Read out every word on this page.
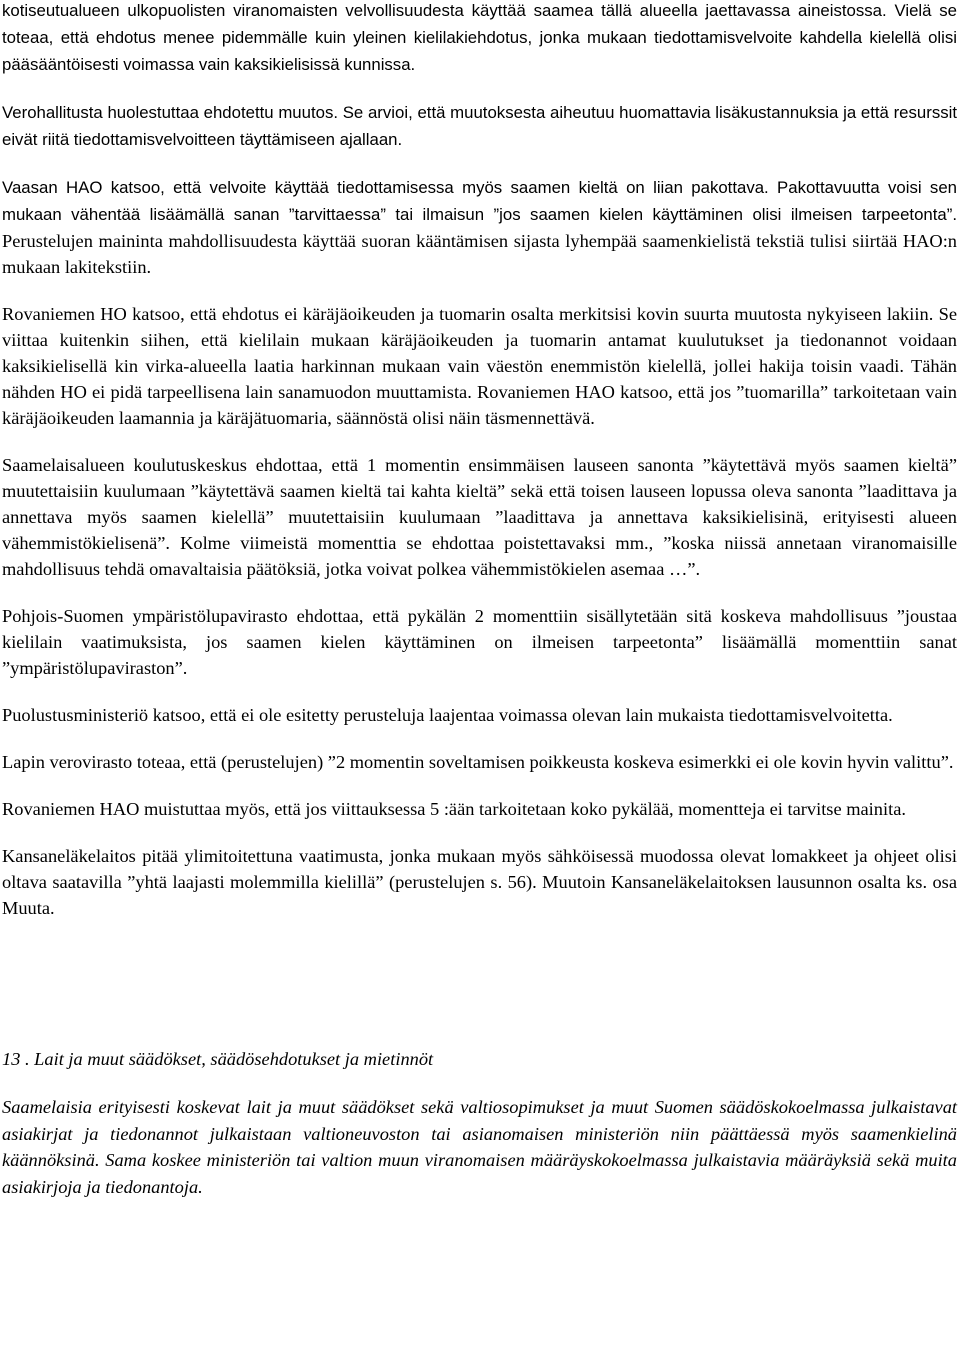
kotiseutualueen ulkopuolisten viranomaisten velvollisuudesta käyttää saamea tällä alueella jaettavassa aineistossa. Vielä se toteaa, että ehdotus menee pidemmälle kuin yleinen kielilakiehdotus, jonka mukaan tiedottamisvelvoite kahdella kielellä olisi pääsääntöisesti voimassa vain kaksikielisissä kunnissa.

Verohallitusta huolestuttaa ehdotettu muutos. Se arvioi, että muutoksesta aiheutuu huomattavia lisäkustannuksia ja että resurssit eivät riitä tiedottamisvelvoitteen täyttämiseen ajallaan.

Vaasan HAO katsoo, että velvoite käyttää tiedottamisessa myös saamen kieltä on liian pakottava. Pakottavuutta voisi sen mukaan vähentää lisäämällä sanan ”tarvittaessa” tai ilmaisun ”jos saamen kielen käyttäminen olisi ilmeisen tarpeetonta”. Perustelujen maininta mahdollisuudesta käyttää suoran kääntämisen sijasta lyhempää saamenkielistä tekstiä tulisi siirtää HAO:n mukaan lakitekstiin.

Rovaniemen HO katsoo, että ehdotus ei käräjäoikeuden ja tuomarin osalta merkitsisi kovin suurta muutosta nykyiseen lakiin. Se viittaa kuitenkin siihen, että kielilain mukaan käräjäoikeuden ja tuomarin antamat kuulutukset ja tiedonannot voidaan kaksikielisellä kin virka-alueella laatia harkinnan mukaan vain väestön enemmistön kielellä, jollei hakija toisin vaadi. Tähän nähden HO ei pidä tarpeellisena lain sanamuodon muuttamista. Rovaniemen HAO katsoo, että jos ”tuomarilla” tarkoitetaan vain käräjäoikeuden laamannia ja käräjätuomaria, säännöstä olisi näin täsmennettävä.

Saamelaisalueen koulutuskeskus ehdottaa, että 1 momentin ensimmäisen lauseen sanonta ”käytettävä myös saamen kieltä” muutettaisiin kuulumaan ”käytettävä saamen kieltä tai kahta kieltä” sekä että toisen lauseen lopussa oleva sanonta ”laadittava ja annettava myös saamen kielellä” muutettaisiin kuulumaan ”laadittava ja annettava kaksikielisinä, erityisesti alueen vähemmistökielisenä”. Kolme viimeistä momenttia se ehdottaa poistettavaksi mm., ”koska niissä annetaan viranomaisille mahdollisuus tehdä omavaltaisia päätöksiä, jotka voivat polkea vähemmistökielen asemaa …”.

Pohjois-Suomen ympäristölupavirasto ehdottaa, että pykälän 2 momenttiin sisällytetään sitä koskeva mahdollisuus ”joustaa kielilain vaatimuksista, jos saamen kielen käyttäminen on ilmeisen tarpeetonta” lisäämällä momenttiin sanat ”ympäristölupaviraston”.

Puolustusministeriö katsoo, että ei ole esitetty perusteluja laajentaa voimassa olevan lain mukaista tiedottamisvelvoitetta.

Lapin verovirasto toteaa, että (perustelujen) ”2 momentin soveltamisen poikkeusta koskeva esimerkki ei ole kovin hyvin valittu”.

Rovaniemen HAO muistuttaa myös, että jos viittauksessa 5 :ään tarkoitetaan koko pykälää, momentteja ei tarvitse mainita.

Kansaneläkelaitos pitää ylimitoitettuna vaatimusta, jonka mukaan myös sähköisessä muodossa olevat lomakkeet ja ohjeet olisi oltava saatavilla ”yhtä laajasti molemmilla kielillä” (perustelujen s. 56). Muutoin Kansaneläkelaitoksen lausunnon osalta ks. osa Muuta.

13 . Lait ja muut säädökset, säädösehdotukset ja mietinnöt

Saamelaisia erityisesti koskevat lait ja muut säädökset sekä valtiosopimukset ja muut Suomen säädöskokoelmassa julkaistavat asiakirjat ja tiedonannot julkaistaan valtioneuvoston tai asianomaisen ministeriön niin päättäessä myös saamenkielinä käännöksinä. Sama koskee ministeriön tai valtion muun viranomaisen määräyskokoelmassa julkaistavia määräyksiä sekä muita asiakirjoja ja tiedonantoja.
